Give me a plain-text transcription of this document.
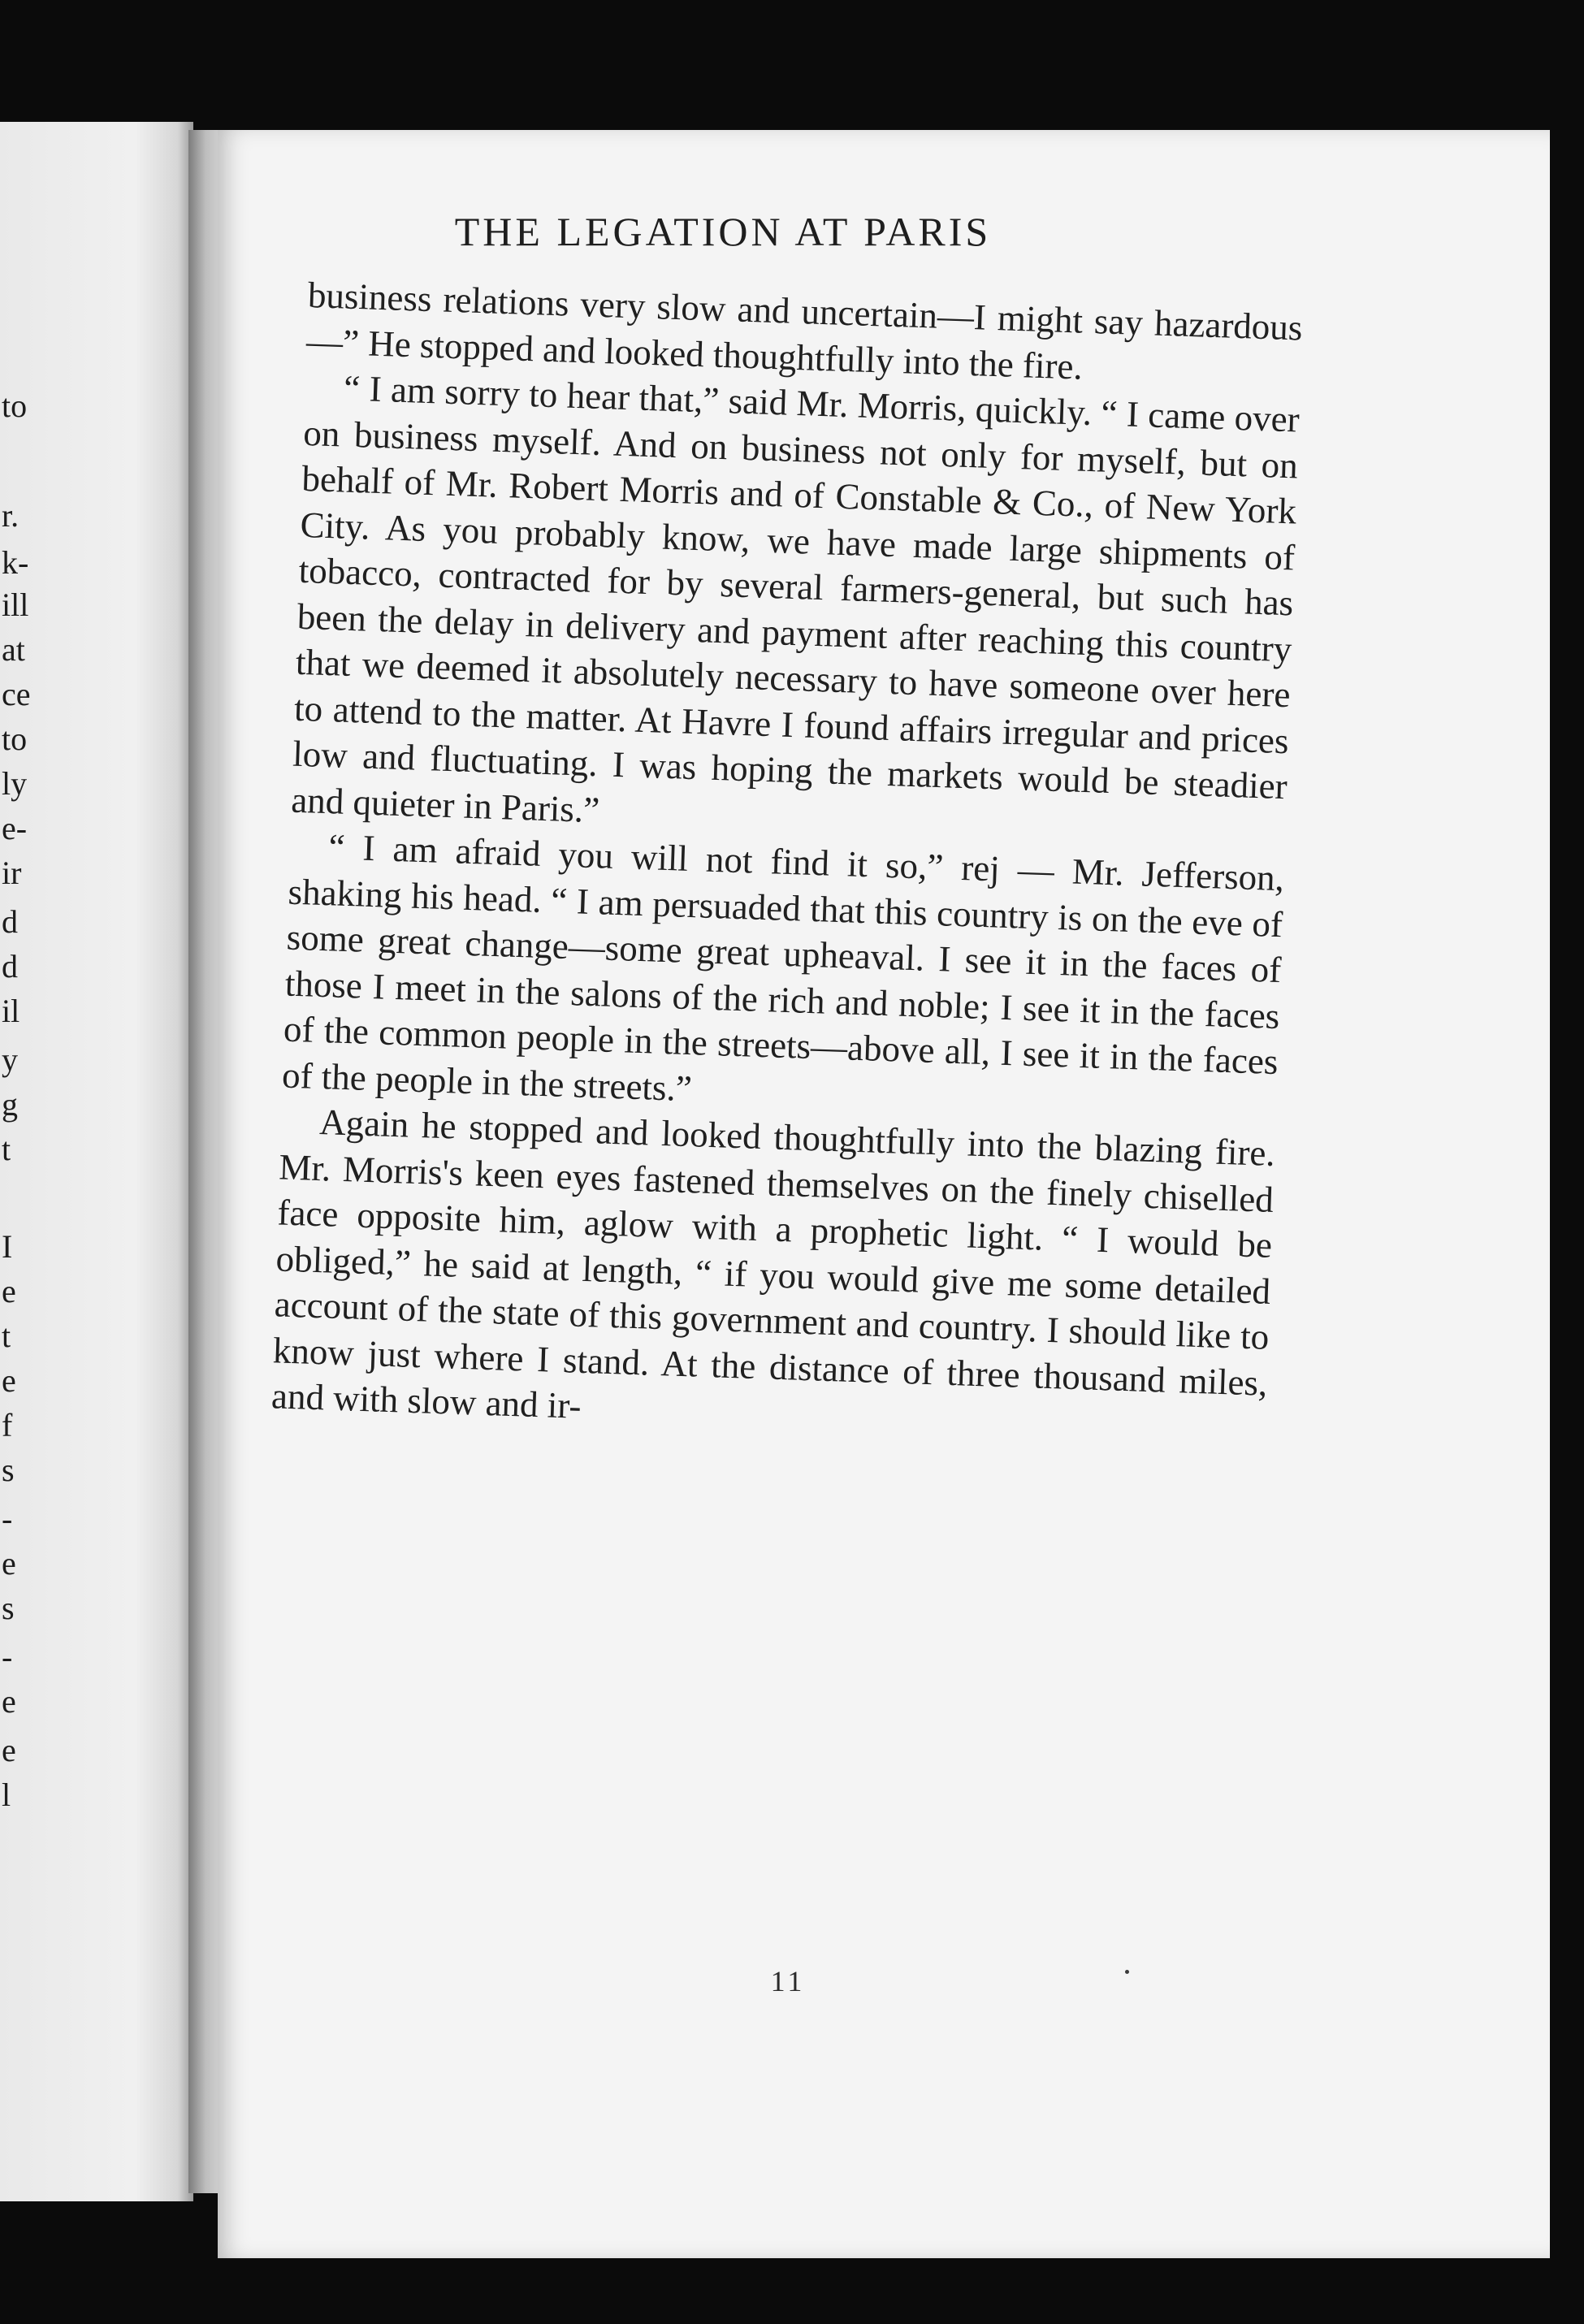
to

r.

k-

ill

at

ce

to

ly

e-

ir

d

d

il

y

g

t

I

e

t

e

f

s

-

e

s

-

e

e

l

THE LEGATION AT PARIS

business relations very slow and uncertain—I might say hazardous—” He stopped and looked thoughtfully into the fire.

“ I am sorry to hear that,” said Mr. Morris, quickly. “ I came over on business myself. And on business not only for myself, but on behalf of Mr. Robert Morris and of Constable & Co., of New York City. As you probably know, we have made large shipments of tobacco, contracted for by several farmers-general, but such has been the delay in delivery and payment after reaching this country that we deemed it absolutely necessary to have someone over here to attend to the matter. At Havre I found affairs irregular and prices low and fluctuating. I was hoping the markets would be steadier and quieter in Paris.”

“ I am afraid you will not find it so,” rej — Mr. Jefferson, shaking his head. “ I am persuaded that this country is on the eve of some great change—some great upheaval. I see it in the faces of those I meet in the salons of the rich and noble; I see it in the faces of the common people in the streets—above all, I see it in the faces of the people in the streets.”

Again he stopped and looked thoughtfully into the blazing fire. Mr. Morris's keen eyes fastened themselves on the finely chiselled face opposite him, aglow with a prophetic light. “ I would be obliged,” he said at length, “ if you would give me some detailed account of the state of this government and country. I should like to know just where I stand. At the distance of three thousand miles, and with slow and ir-

11
